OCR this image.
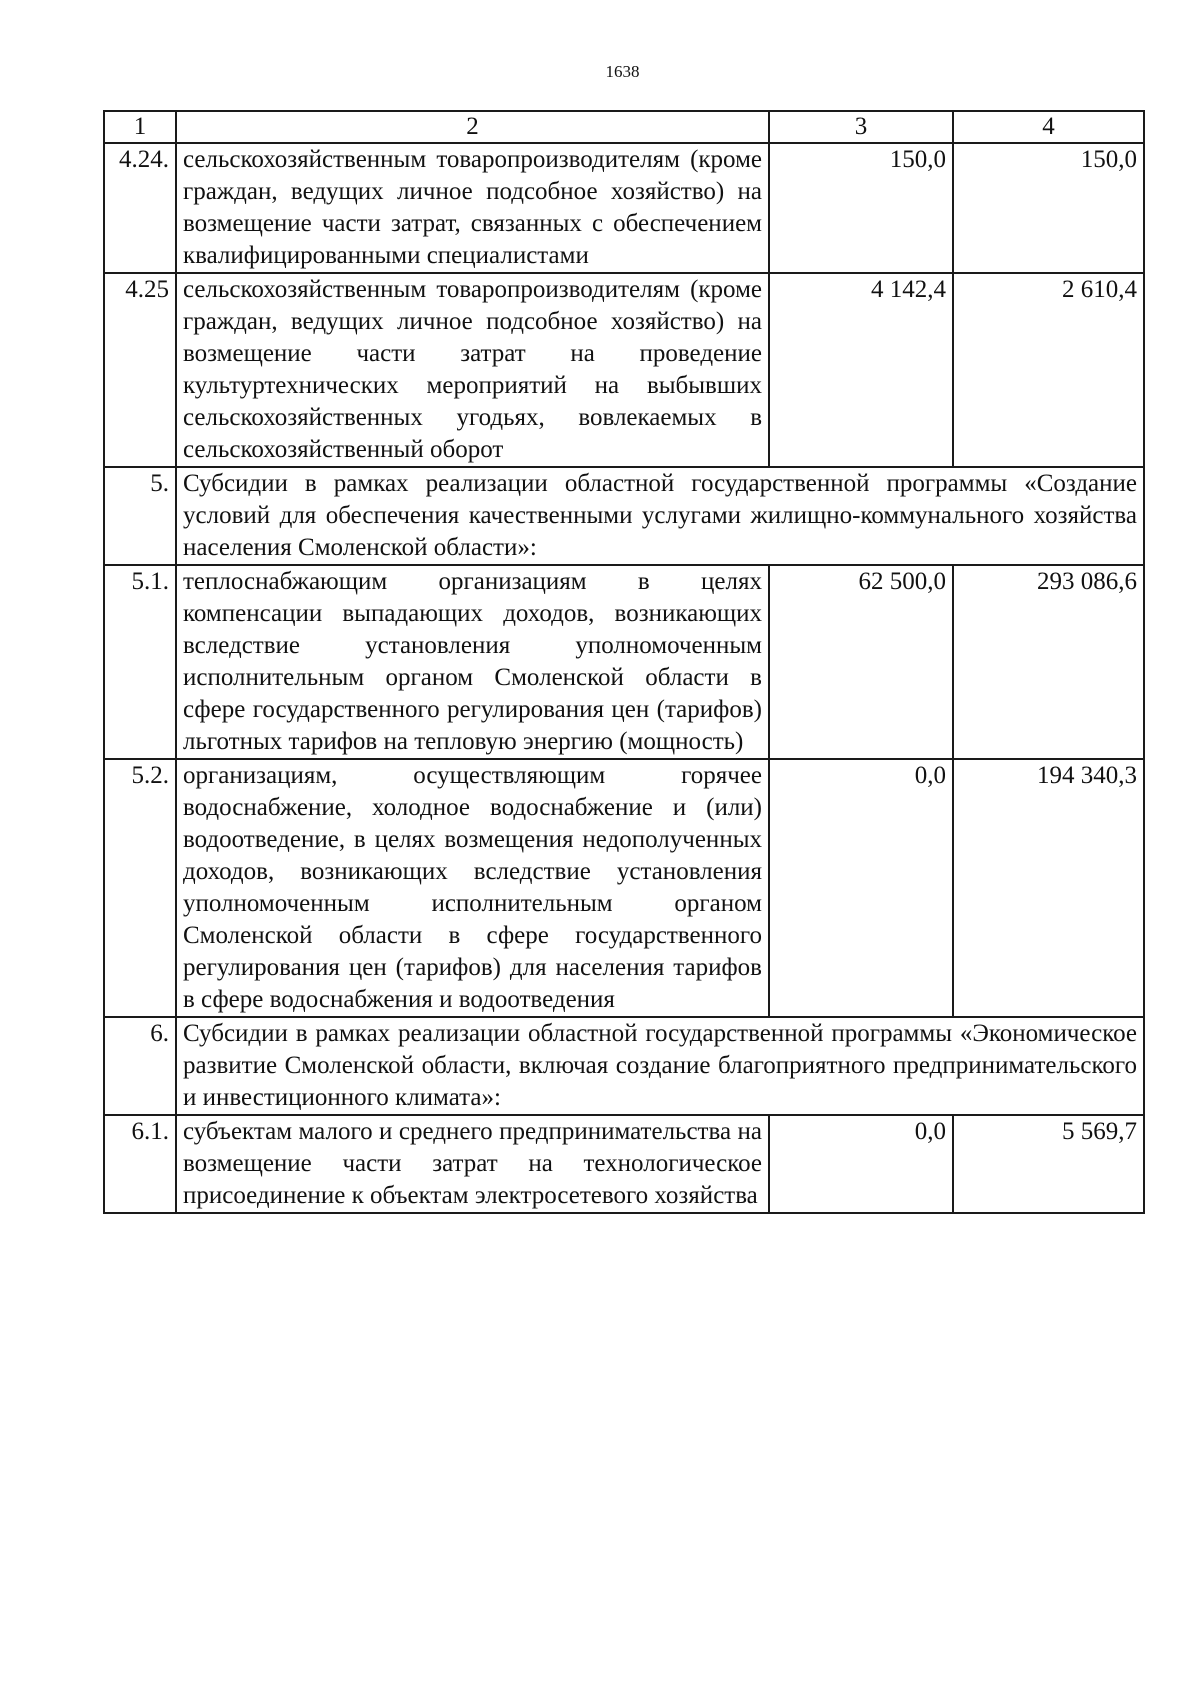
1638
1	2	3	4
4.24.	сельскохозяйственным товаропроизводителям (кроме граждан, ведущих личное подсобное хозяйство) на возмещение части затрат, связанных с обеспечением квалифицированными специалистами	150,0	150,0
4.25	сельскохозяйственным товаропроизводителям (кроме граждан, ведущих личное подсобное хозяйство) на возмещение части затрат на проведение культуртехнических мероприятий на выбывших сельскохозяйственных угодьях, вовлекаемых в сельскохозяйственный оборот	4 142,4	2 610,4
5.	Субсидии в рамках реализации областной государственной программы «Создание условий для обеспечения качественными услугами жилищно-коммунального хозяйства населения Смоленской области»:		
5.1.	теплоснабжающим организациям в целях компенсации выпадающих доходов, возникающих вследствие установления уполномоченным исполнительным органом Смоленской области в сфере государственного регулирования цен (тарифов) льготных тарифов на тепловую энергию (мощность)	62 500,0	293 086,6
5.2.	организациям, осуществляющим горячее водоснабжение, холодное водоснабжение и (или) водоотведение, в целях возмещения недополученных доходов, возникающих вследствие установления уполномоченным исполнительным органом Смоленской области в сфере государственного регулирования цен (тарифов) для населения тарифов в сфере водоснабжения и водоотведения	0,0	194 340,3
6.	Субсидии в рамках реализации областной государственной программы «Экономическое развитие Смоленской области, включая создание благоприятного предпринимательского и инвестиционного климата»:		
6.1.	субъектам малого и среднего предпринимательства на возмещение части затрат на технологическое присоединение к объектам электросетевого хозяйства	0,0	5 569,7
